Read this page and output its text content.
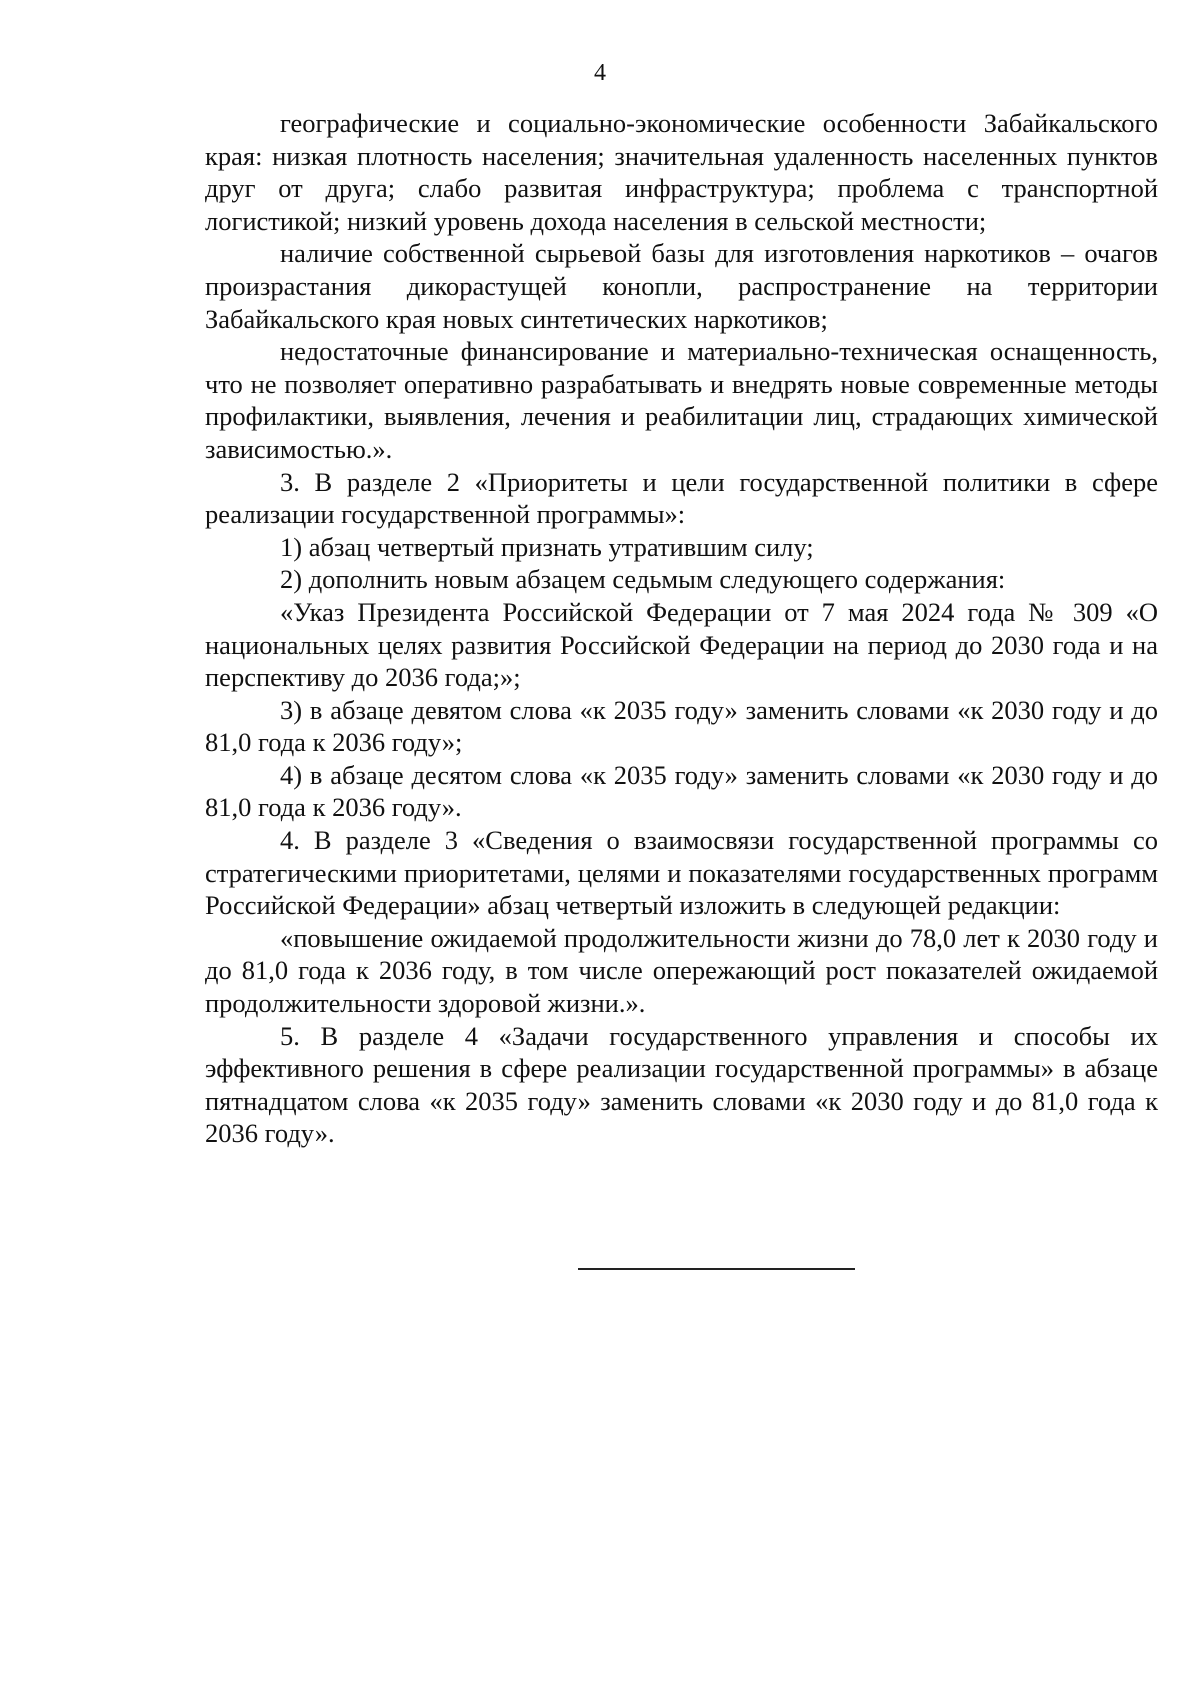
4

географические и социально-экономические особенности Забайкальского края: низкая плотность населения; значительная удаленность населенных пунктов друг от друга; слабо развитая инфраструктура; проблема с транспортной логистикой; низкий уровень дохода населения в сельской местности;

наличие собственной сырьевой базы для изготовления наркотиков – очагов произрастания дикорастущей конопли, распространение на территории Забайкальского края новых синтетических наркотиков;

недостаточные финансирование и материально-техническая оснащенность, что не позволяет оперативно разрабатывать и внедрять новые современные методы профилактики, выявления, лечения и реабилитации лиц, страдающих химической зависимостью.».

3. В разделе 2 «Приоритеты и цели государственной политики в сфере реализации государственной программы»:

1) абзац четвертый признать утратившим силу;

2) дополнить новым абзацем седьмым следующего содержания:

«Указ Президента Российской Федерации от 7 мая 2024 года № 309 «О национальных целях развития Российской Федерации на период до 2030 года и на перспективу до 2036 года;»;

3) в абзаце девятом слова «к 2035 году» заменить словами «к 2030 году и до 81,0 года к 2036 году»;

4) в абзаце десятом слова «к 2035 году» заменить словами «к 2030 году и до 81,0 года к 2036 году».

4. В разделе 3 «Сведения о взаимосвязи государственной программы со стратегическими приоритетами, целями и показателями государственных программ Российской Федерации» абзац четвертый изложить в следующей редакции:

«повышение ожидаемой продолжительности жизни до 78,0 лет к 2030 году и до 81,0 года к 2036 году, в том числе опережающий рост показателей ожидаемой продолжительности здоровой жизни.».

5. В разделе 4 «Задачи государственного управления и способы их эффективного решения в сфере реализации государственной программы» в абзаце пятнадцатом слова «к 2035 году» заменить словами «к 2030 году и до 81,0 года к 2036 году».
